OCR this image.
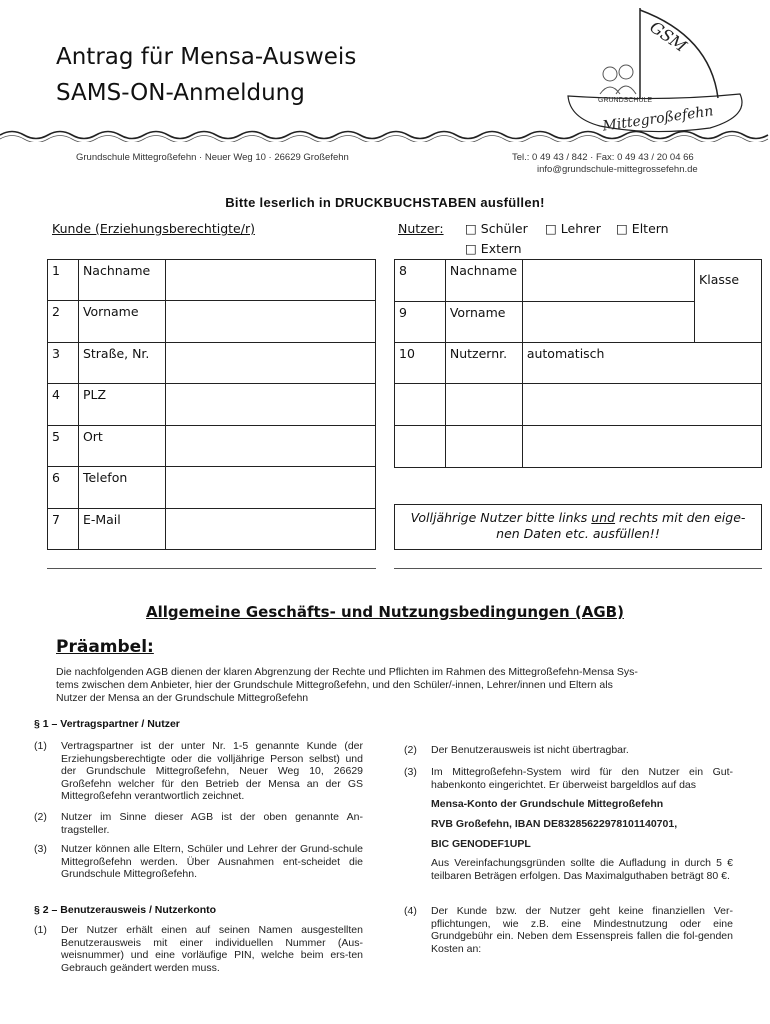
Antrag für Mensa-Ausweis
SAMS-ON-Anmeldung	GRUNDSCHULE
GSM
Mittegroßefehn
Grundschule Mittegroßefehn · Neuer Weg 10 · 26629 Großefehn	Tel.: 0 49 43 / 842 · Fax: 0 49 43 / 20 04 66
info@grundschule-mittegrossefehn.de
Bitte leserlich in DRUCKBUCHSTABEN ausfüllen!
Kunde (Erziehungsberechtigte/r)	Nutzer: □ Schüler □ Lehrer □ Eltern
□ Extern
1	Nachname	
2	Vorname	
3	Straße, Nr.	
4	PLZ	
5	Ort	
6	Telefon	
7	E-Mail	
8	Nachname		Klasse
9	Vorname		
10	Nutzernr.	automatisch	

Volljährige Nutzer bitte links und rechts mit den eige-
nen Daten etc. ausfüllen!!
Allgemeine Geschäfts- und Nutzungsbedingungen (AGB)
Präambel:
Die nachfolgenden AGB dienen der klaren Abgrenzung der Rechte und Pflichten im Rahmen des Mittegroßefehn-Mensa Sys-
tems zwischen dem Anbieter, hier der Grundschule Mittegroßefehn, und den Schüler/-innen, Lehrer/innen und Eltern als
Nutzer der Mensa an der Grundschule Mittegroßefehn
§ 1 – Vertragspartner / Nutzer
(1) Vertragspartner ist der unter Nr. 1-5 genannte Kunde (der Erziehungsberechtigte oder die volljährige Person selbst) und der Grundschule Mittegroßefehn, Neuer Weg 10, 26629 Großefehn welcher für den Betrieb der Mensa an der GS Mittegroßefehn verantwortlich zeichnet.
(2) Nutzer im Sinne dieser AGB ist der oben genannte An-tragsteller.
(3) Nutzer können alle Eltern, Schüler und Lehrer der Grund-schule Mittegroßefehn werden. Über Ausnahmen ent-scheidet die Grundschule Mittegroßefehn.
§ 2 – Benutzerausweis / Nutzerkonto
(1) Der Nutzer erhält einen auf seinen Namen ausgestellten Benutzerausweis mit einer individuellen Nummer (Aus-weisnummer) und eine vorläufige PIN, welche beim ers-ten Gebrauch geändert werden muss.
(2) Der Benutzerausweis ist nicht übertragbar.
(3) Im Mittegroßefehn-System wird für den Nutzer ein Gut-habenkonto eingerichtet. Er überweist bargeldlos auf das
Mensa-Konto der Grundschule Mittegroßefehn
RVB Großefehn, IBAN DE83285622978101140701,
BIC GENODEF1UPL
Aus Vereinfachungsgründen sollte die Aufladung in durch 5 € teilbaren Beträgen erfolgen. Das Maximalguthaben beträgt 80 €.
(4) Der Kunde bzw. der Nutzer geht keine finanziellen Ver-pflichtungen, wie z.B. eine Mindestnutzung oder eine Grundgebühr ein. Neben dem Essenspreis fallen die fol-genden Kosten an:
